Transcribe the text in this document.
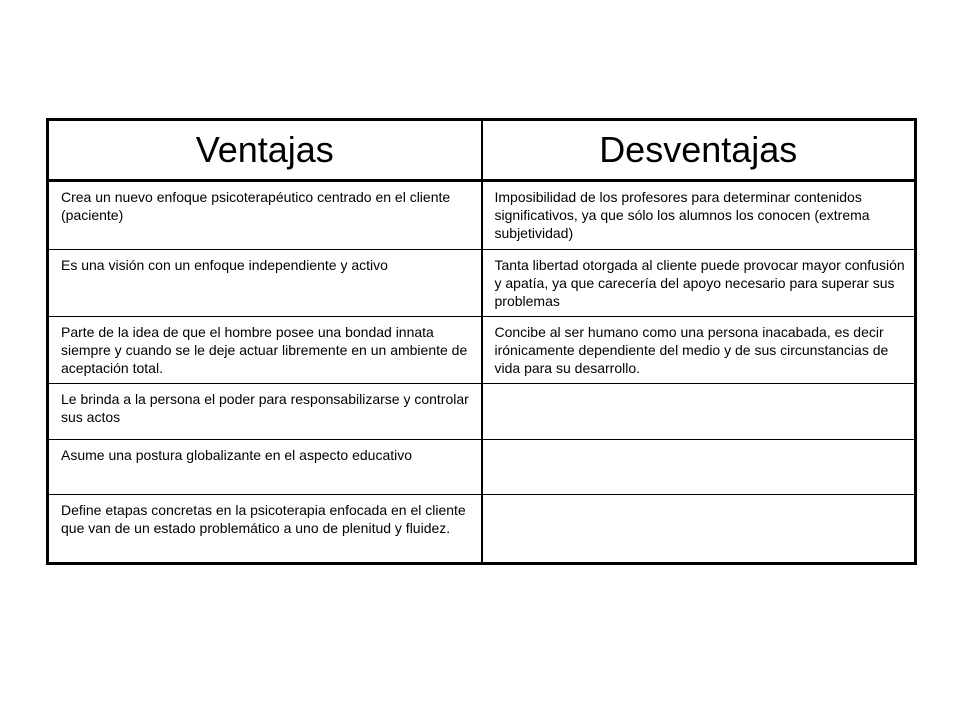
Ventajas	Desventajas
Crea un nuevo enfoque psicoterapéutico centrado en el cliente (paciente)	Imposibilidad de los profesores para determinar contenidos significativos, ya que sólo los alumnos los conocen (extrema subjetividad)
Es una visión con un enfoque independiente y activo	Tanta libertad otorgada al cliente puede provocar mayor confusión y apatía, ya que carecería del apoyo necesario para superar sus problemas
Parte de la idea de que el hombre posee una bondad innata siempre y cuando se le deje actuar libremente en un ambiente de aceptación total.	Concibe al ser humano como una persona inacabada, es decir irónicamente dependiente del medio y de sus circunstancias de vida para su desarrollo.
Le brinda a la persona el poder para responsabilizarse y controlar sus actos	
Asume una postura globalizante en el aspecto educativo	
Define etapas concretas en la psicoterapia enfocada en el cliente que van de un estado problemático a uno de plenitud y fluidez.	
